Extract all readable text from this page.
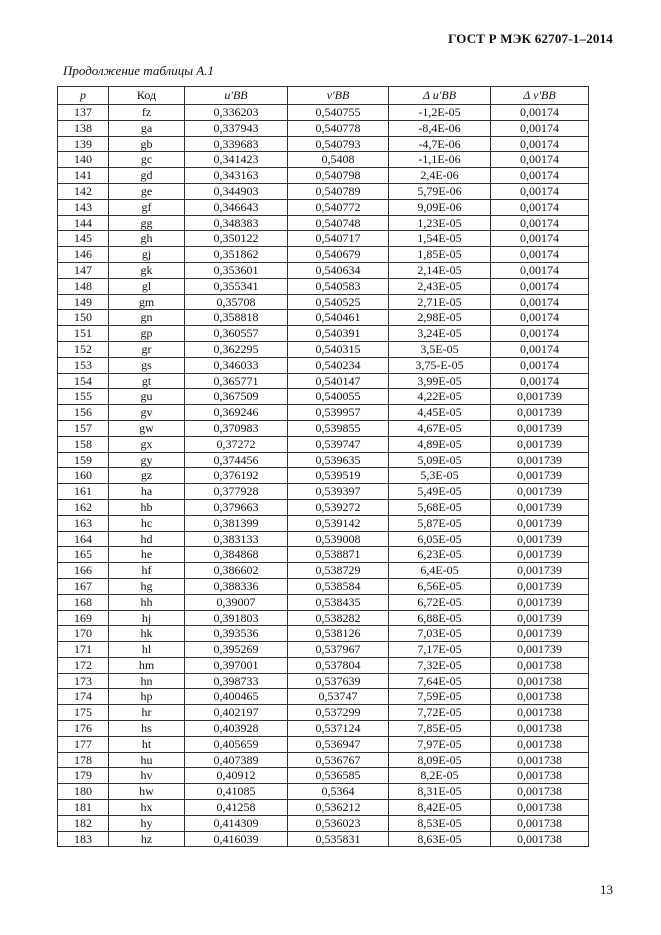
ГОСТ Р МЭК 62707-1–2014
Продолжение таблицы А.1
p	Код	u'BB	v'BB	Δ u'BB	Δ v'BB
137	fz	0,336203	0,540755	-1,2E-05	0,00174
138	ga	0,337943	0,540778	-8,4E-06	0,00174
139	gb	0,339683	0,540793	-4,7E-06	0,00174
140	gc	0,341423	0,5408	-1,1E-06	0,00174
141	gd	0,343163	0,540798	2,4E-06	0,00174
142	ge	0,344903	0,540789	5,79E-06	0,00174
143	gf	0,346643	0,540772	9,09E-06	0,00174
144	gg	0,348383	0,540748	1,23E-05	0,00174
145	gh	0,350122	0,540717	1,54E-05	0,00174
146	gj	0,351862	0,540679	1,85E-05	0,00174
147	gk	0,353601	0,540634	2,14E-05	0,00174
148	gl	0,355341	0,540583	2,43E-05	0,00174
149	gm	0,35708	0,540525	2,71E-05	0,00174
150	gn	0,358818	0,540461	2,98E-05	0,00174
151	gp	0,360557	0,540391	3,24E-05	0,00174
152	gr	0,362295	0,540315	3,5E-05	0,00174
153	gs	0,346033	0,540234	3,75-E-05	0,00174
154	gt	0,365771	0,540147	3,99E-05	0,00174
155	gu	0,367509	0,540055	4,22E-05	0,001739
156	gv	0,369246	0,539957	4,45E-05	0,001739
157	gw	0,370983	0,539855	4,67E-05	0,001739
158	gx	0,37272	0,539747	4,89E-05	0,001739
159	gy	0,374456	0,539635	5,09E-05	0,001739
160	gz	0,376192	0,539519	5,3E-05	0,001739
161	ha	0,377928	0,539397	5,49E-05	0,001739
162	hb	0,379663	0,539272	5,68E-05	0,001739
163	hc	0,381399	0,539142	5,87E-05	0,001739
164	hd	0,383133	0,539008	6,05E-05	0,001739
165	he	0,384868	0,538871	6,23E-05	0,001739
166	hf	0,386602	0,538729	6,4E-05	0,001739
167	hg	0,388336	0,538584	6,56E-05	0,001739
168	hh	0,39007	0,538435	6,72E-05	0,001739
169	hj	0,391803	0,538282	6,88E-05	0,001739
170	hk	0,393536	0,538126	7,03E-05	0,001739
171	hl	0,395269	0,537967	7,17E-05	0,001739
172	hm	0,397001	0,537804	7,32E-05	0,001738
173	hn	0,398733	0,537639	7,64E-05	0,001738
174	hp	0,400465	0,53747	7,59E-05	0,001738
175	hr	0,402197	0,537299	7,72E-05	0,001738
176	hs	0,403928	0,537124	7,85E-05	0,001738
177	ht	0,405659	0,536947	7,97E-05	0,001738
178	hu	0,407389	0,536767	8,09E-05	0,001738
179	hv	0,40912	0,536585	8,2E-05	0,001738
180	hw	0,41085	0,5364	8,31E-05	0,001738
181	hx	0,41258	0,536212	8,42E-05	0,001738
182	hy	0,414309	0,536023	8,53E-05	0,001738
183	hz	0,416039	0,535831	8,63E-05	0,001738
13
